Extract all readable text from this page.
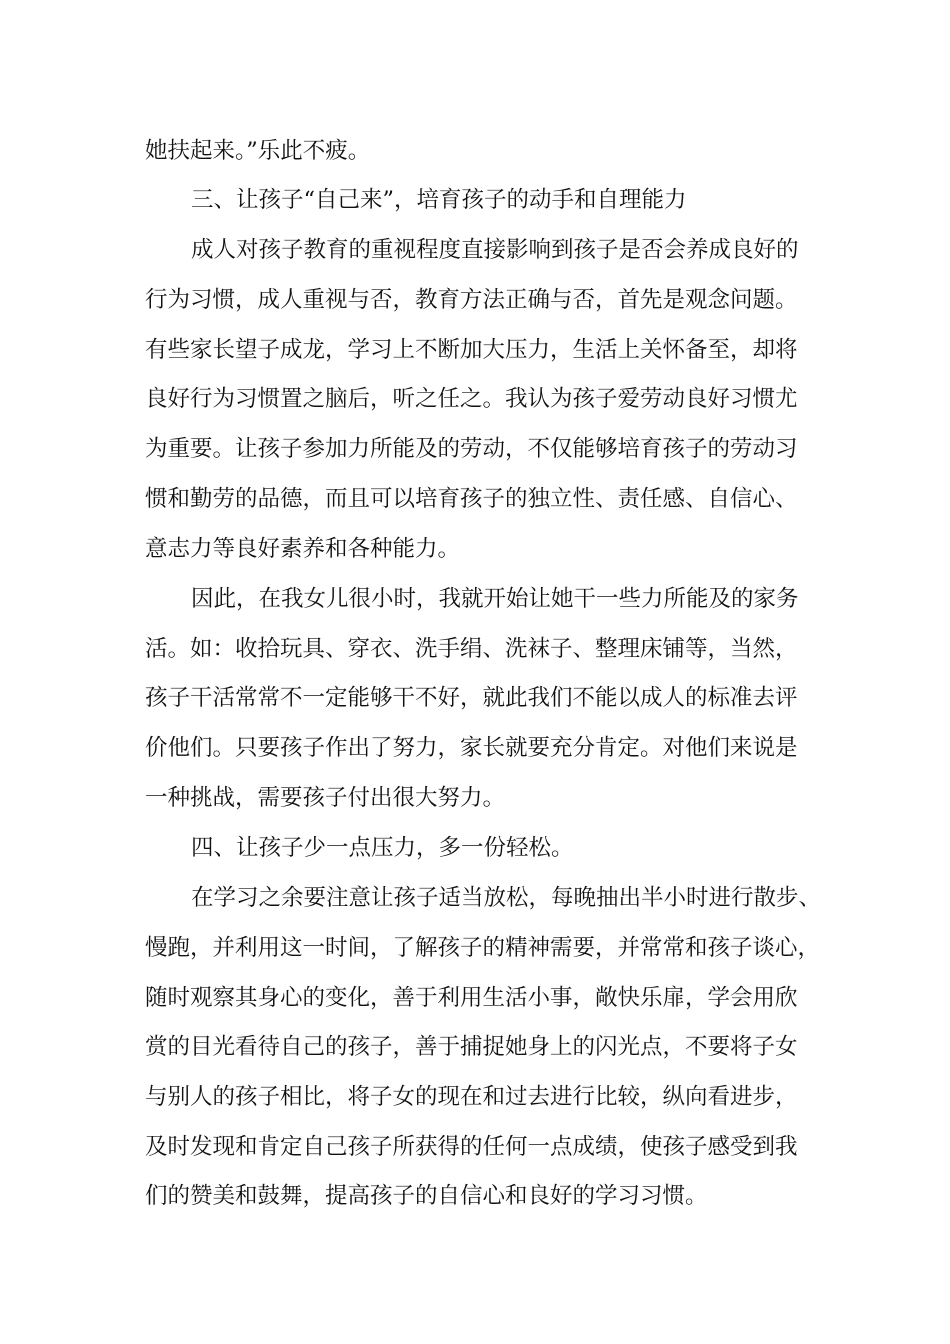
她扶起来。”乐此不疲。
三、让孩子“自己来”，培育孩子的动手和自理能力
成人对孩子教育的重视程度直接影响到孩子是否会养成良好的
行为习惯，成人重视与否，教育方法正确与否，首先是观念问题。
有些家长望子成龙，学习上不断加大压力，生活上关怀备至，却将
良好行为习惯置之脑后，听之任之。我认为孩子爱劳动良好习惯尤
为重要。让孩子参加力所能及的劳动，不仅能够培育孩子的劳动习
惯和勤劳的品德，而且可以培育孩子的独立性、责任感、自信心、
意志力等良好素养和各种能力。
因此，在我女儿很小时，我就开始让她干一些力所能及的家务
活。如：收拾玩具、穿衣、洗手绢、洗袜子、整理床铺等，当然，
孩子干活常常不一定能够干不好，就此我们不能以成人的标准去评
价他们。只要孩子作出了努力，家长就要充分肯定。对他们来说是
一种挑战，需要孩子付出很大努力。
四、让孩子少一点压力，多一份轻松。
在学习之余要注意让孩子适当放松，每晚抽出半小时进行散步、
慢跑，并利用这一时间，了解孩子的精神需要，并常常和孩子谈心，
随时观察其身心的变化，善于利用生活小事，敞快乐扉，学会用欣
赏的目光看待自己的孩子，善于捕捉她身上的闪光点，不要将子女
与别人的孩子相比，将子女的现在和过去进行比较，纵向看进步，
及时发现和肯定自己孩子所获得的任何一点成绩，使孩子感受到我
们的赞美和鼓舞，提高孩子的自信心和良好的学习习惯。
